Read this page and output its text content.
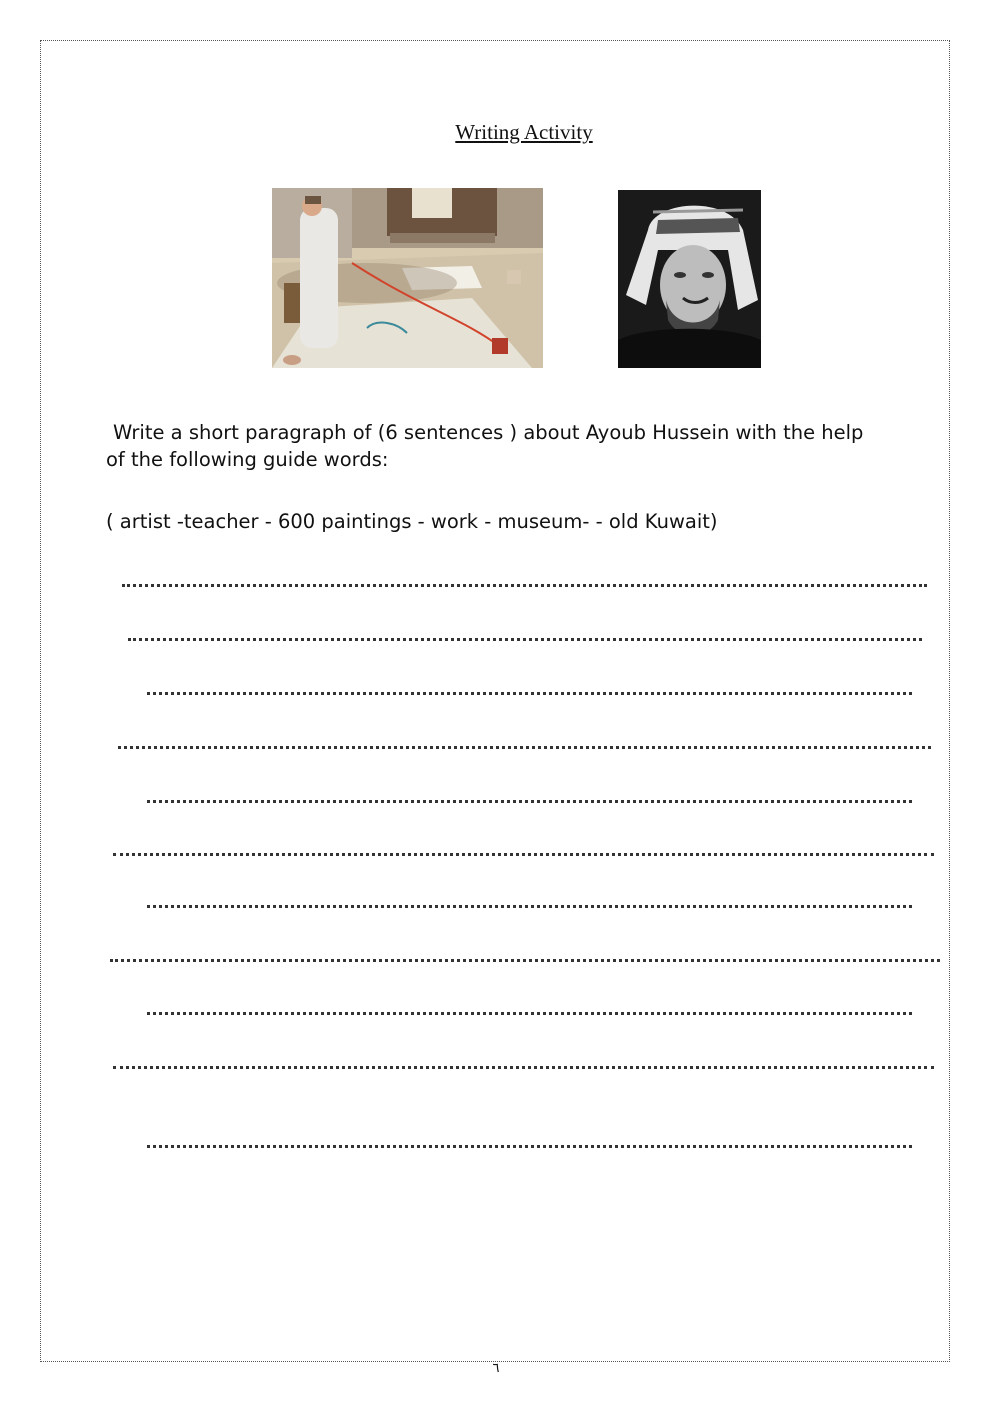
Writing Activity
Write a short paragraph of (6 sentences ) about Ayoub Hussein with the help
of the following guide words:
( artist -teacher - 600 paintings - work - museum- - old Kuwait)
٦
